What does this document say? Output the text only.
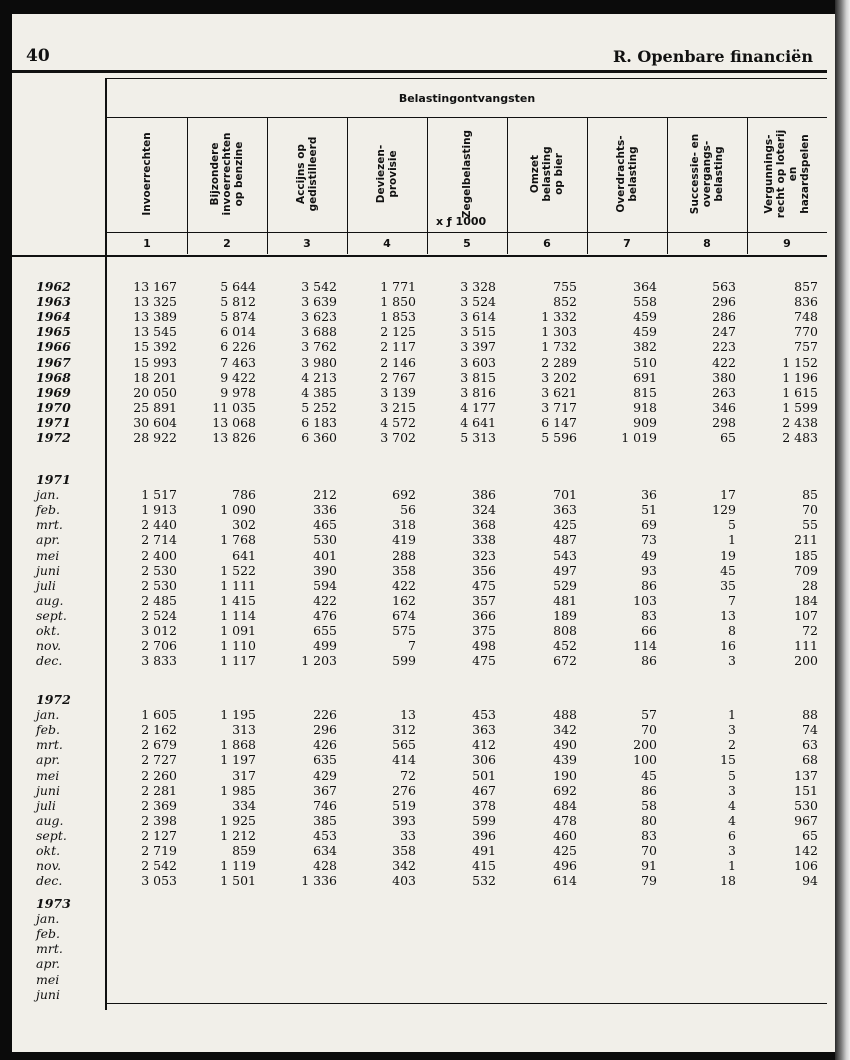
40	R. Openbare financiën
Belastingontvangsten
Invoerrechten
1
Bijzondere
invoerrechten
op benzine
2
Accijns op
gedistilleerd
3
Deviezen-
provisie
4
Zegelbelasting
5
Omzet
belasting
op bier
6
Overdrachts-
belasting
7
Successie- en
overgangs-
belasting
8
Vergunnings-
recht op loterij
en
hazardspelen
9
x ƒ 1000
1962	13 167	5 644	3 542	1 771	3 328	755	364	563	857
1963	13 325	5 812	3 639	1 850	3 524	852	558	296	836
1964	13 389	5 874	3 623	1 853	3 614	1 332	459	286	748
1965	13 545	6 014	3 688	2 125	3 515	1 303	459	247	770
1966	15 392	6 226	3 762	2 117	3 397	1 732	382	223	757
1967	15 993	7 463	3 980	2 146	3 603	2 289	510	422	1 152
1968	18 201	9 422	4 213	2 767	3 815	3 202	691	380	1 196
1969	20 050	9 978	4 385	3 139	3 816	3 621	815	263	1 615
1970	25 891	11 035	5 252	3 215	4 177	3 717	918	346	1 599
1971	30 604	13 068	6 183	4 572	4 641	6 147	909	298	2 438
1972	28 922	13 826	6 360	3 702	5 313	5 596	1 019	65	2 483
1971
jan.	1 517	786	212	692	386	701	36	17	85
feb.	1 913	1 090	336	56	324	363	51	129	70
mrt.	2 440	302	465	318	368	425	69	5	55
apr.	2 714	1 768	530	419	338	487	73	1	211
mei	2 400	641	401	288	323	543	49	19	185
juni	2 530	1 522	390	358	356	497	93	45	709
juli	2 530	1 111	594	422	475	529	86	35	28
aug.	2 485	1 415	422	162	357	481	103	7	184
sept.	2 524	1 114	476	674	366	189	83	13	107
okt.	3 012	1 091	655	575	375	808	66	8	72
nov.	2 706	1 110	499	7	498	452	114	16	111
dec.	3 833	1 117	1 203	599	475	672	86	3	200
1972
jan.	1 605	1 195	226	13	453	488	57	1	88
feb.	2 162	313	296	312	363	342	70	3	74
mrt.	2 679	1 868	426	565	412	490	200	2	63
apr.	2 727	1 197	635	414	306	439	100	15	68
mei	2 260	317	429	72	501	190	45	5	137
juni	2 281	1 985	367	276	467	692	86	3	151
juli	2 369	334	746	519	378	484	58	4	530
aug.	2 398	1 925	385	393	599	478	80	4	967
sept.	2 127	1 212	453	33	396	460	83	6	65
okt.	2 719	859	634	358	491	425	70	3	142
nov.	2 542	1 119	428	342	415	496	91	1	106
dec.	3 053	1 501	1 336	403	532	614	79	18	94
1973
jan.
feb.
mrt.
apr.
mei
juni
